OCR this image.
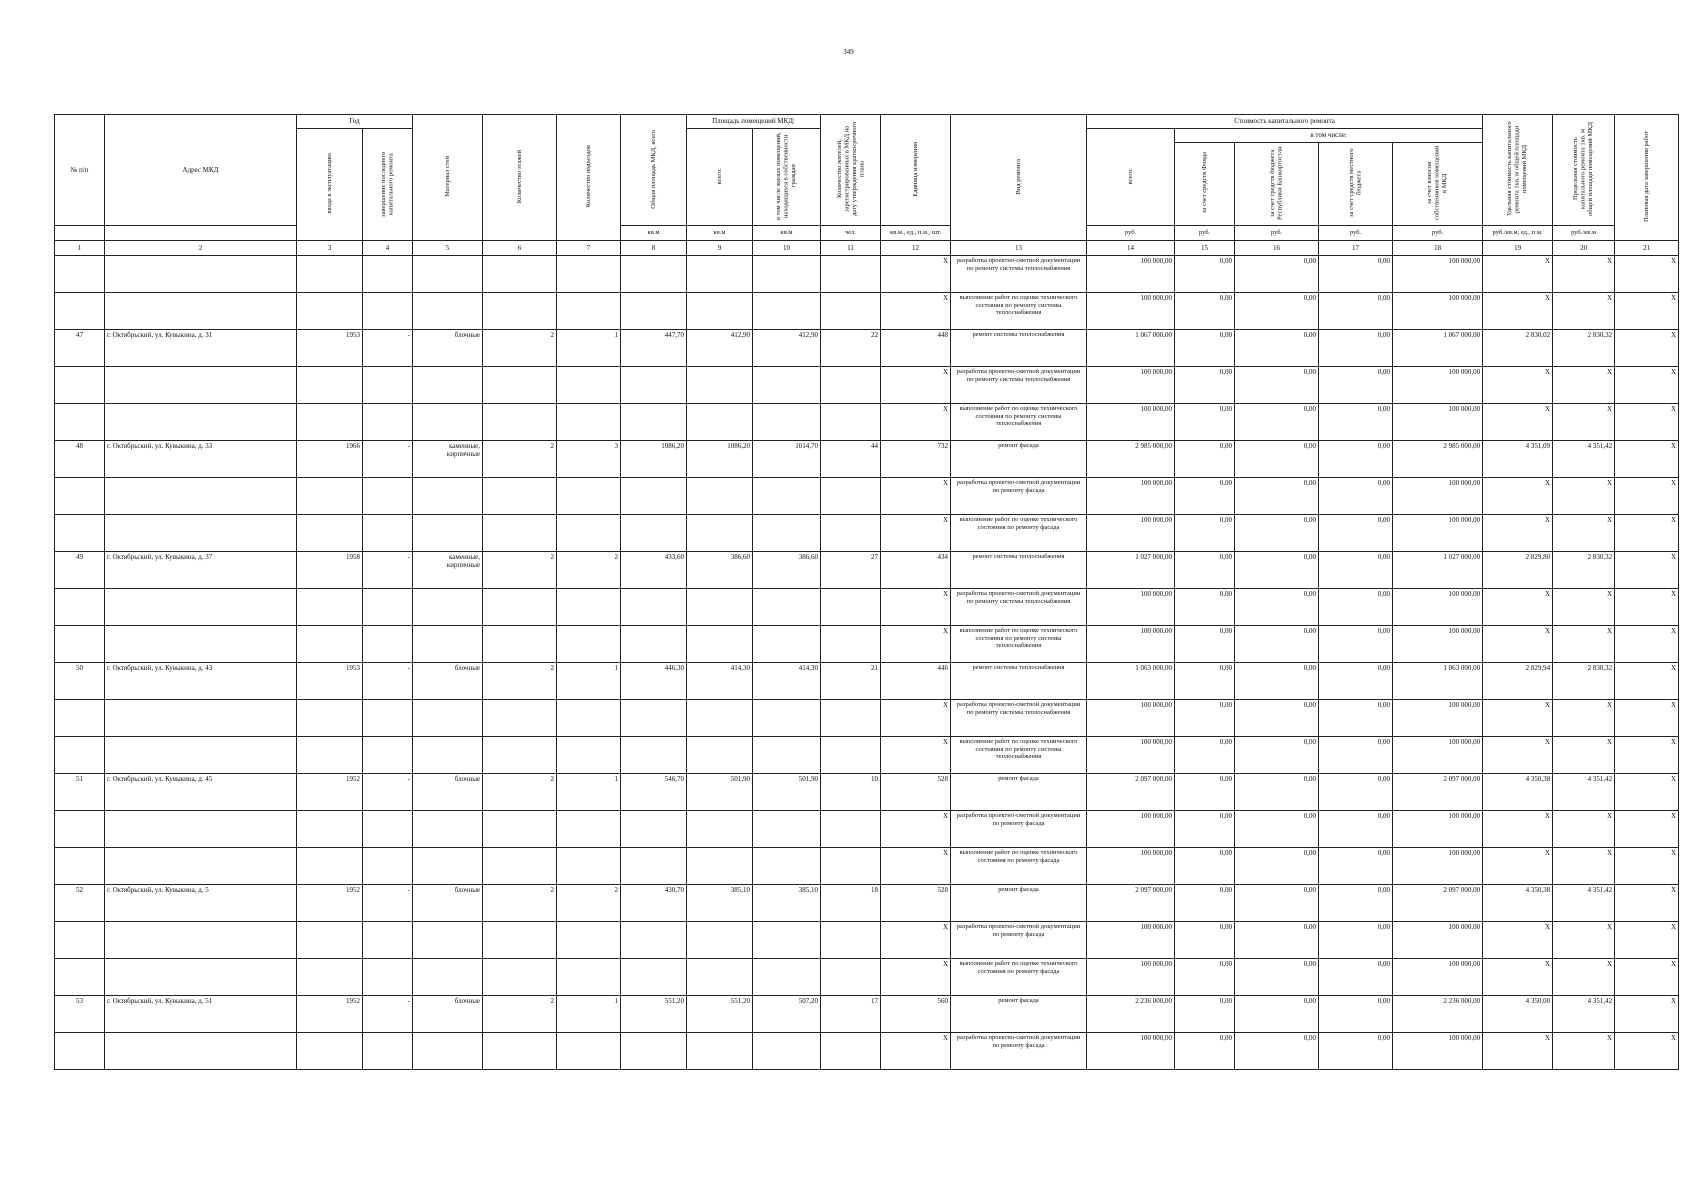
349
№ п/п	Адрес МКД	Год		Материал стен	Количество этажей	Количество подъездов	Общая площадь МКД, всего	Площадь помещений МКД:		Количество жителей, зарегистрированных в МКД на дату утверждения краткосрочного плана	Единица измерения	Вид ремонта	Стоимость капитального ремонта					Удельная стоимость капитального ремонта 1кв. м общей площади помещений МКД	Предельная стоимость капитального ремонта 1кв. м общей площади помещений МКД	Плановая дата завершения работ
		ввода в эксплуатацию	завершение последнего капитального ремонта					всего:	в том числе жилых помещений, находящихся в собственности граждан				всего:	в том числе:						
														за счет средств Фонда	за счет средств бюджета Республики Башкортостан	за счет средств местного бюджета	за счет взносов собственников помещений в МКД			
							кв.м	кв.м	кв.м	чел.	кв.м., ед., п.м., шт.		руб.	руб.	руб.	руб.	руб.	руб./кв.м, ед., п.м.	руб./кв.м	
1	2	3	4	5	6	7	8	9	10	11	12	13	14	15	16	17	18	19	20	21
											X	разработка проектно-сметной документации по ремонту системы теплоснабжения	100 000,00	0,00	0,00	0,00	100 000,00	X	X	X
											X	выполнение работ по оценке технического состояния по ремонту системы теплоснабжения	100 000,00	0,00	0,00	0,00	100 000,00	X	X	X
47	г. Октябрьский, ул. Кувыкина, д. 31	1953	-	блочные	2	1	447,70	412,90	412,90	22	448	ремонт системы теплоснабжения	1 067 000,00	0,00	0,00	0,00	1 067 000,00	2 830,02	2 830,32	X
											X	разработка проектно-сметной документации по ремонту системы теплоснабжения	100 000,00	0,00	0,00	0,00	100 000,00	X	X	X
											X	выполнение работ по оценке технического состояния по ремонту системы теплоснабжения	100 000,00	0,00	0,00	0,00	100 000,00	X	X	X
48	г. Октябрьский, ул. Кувыкина, д. 33	1966	-	каменные, кирпичные	2	3	1086,20	1086,20	1014,70	44	732	ремонт фасада	2 985 000,00	0,00	0,00	0,00	2 985 000,00	4 351,09	4 351,42	X
											X	разработка проектно-сметной документации по ремонту фасада	100 000,00	0,00	0,00	0,00	100 000,00	X	X	X
											X	выполнение работ по оценке технического состояния по ремонту фасада	100 000,00	0,00	0,00	0,00	100 000,00	X	X	X
49	г. Октябрьский, ул. Кувыкина, д. 37	1958	-	каменные, кирпичные	2	2	433,60	386,60	386,60	27	434	ремонт системы теплоснабжения	1 027 000,00	0,00	0,00	0,00	1 027 000,00	2 829,80	2 830,32	X
											X	разработка проектно-сметной документации по ремонту системы теплоснабжения	100 000,00	0,00	0,00	0,00	100 000,00	X	X	X
											X	выполнение работ по оценке технического состояния по ремонту системы теплоснабжения	100 000,00	0,00	0,00	0,00	100 000,00	X	X	X
50	г. Октябрьский, ул. Кувыкина, д. 43	1953	-	блочные	2	1	446,30	414,30	414,30	21	446	ремонт системы теплоснабжения	1 063 000,00	0,00	0,00	0,00	1 063 000,00	2 829,94	2 830,32	X
											X	разработка проектно-сметной документации по ремонту системы теплоснабжения	100 000,00	0,00	0,00	0,00	100 000,00	X	X	X
											X	выполнение работ по оценке технического состояния по ремонту системы теплоснабжения	100 000,00	0,00	0,00	0,00	100 000,00	X	X	X
51	г. Октябрьский, ул. Кувыкина, д. 45	1952	-	блочные	2	1	546,70	501,90	501,90	10	528	ремонт фасада	2 097 000,00	0,00	0,00	0,00	2 097 000,00	4 350,38	4 351,42	X
											X	разработка проектно-сметной документации по ремонту фасада	100 000,00	0,00	0,00	0,00	100 000,00	X	X	X
											X	выполнение работ по оценке технического состояния по ремонту фасада	100 000,00	0,00	0,00	0,00	100 000,00	X	X	X
52	г. Октябрьский, ул. Кувыкина, д. 5	1952	-	блочные	2	2	430,70	385,10	385,10	18	528	ремонт фасада	2 097 000,00	0,00	0,00	0,00	2 097 000,00	4 350,38	4 351,42	X
											X	разработка проектно-сметной документации по ремонту фасада	100 000,00	0,00	0,00	0,00	100 000,00	X	X	X
											X	выполнение работ по оценке технического состояния по ремонту фасада	100 000,00	0,00	0,00	0,00	100 000,00	X	X	X
53	г. Октябрьский, ул. Кувыкина, д. 51	1952	-	блочные	2	1	551,20	551,20	507,20	17	560	ремонт фасада	2 236 000,00	0,00	0,00	0,00	2 236 000,00	4 350,00	4 351,42	X
											X	разработка проектно-сметной документации по ремонту фасада	100 000,00	0,00	0,00	0,00	100 000,00	X	X	X
